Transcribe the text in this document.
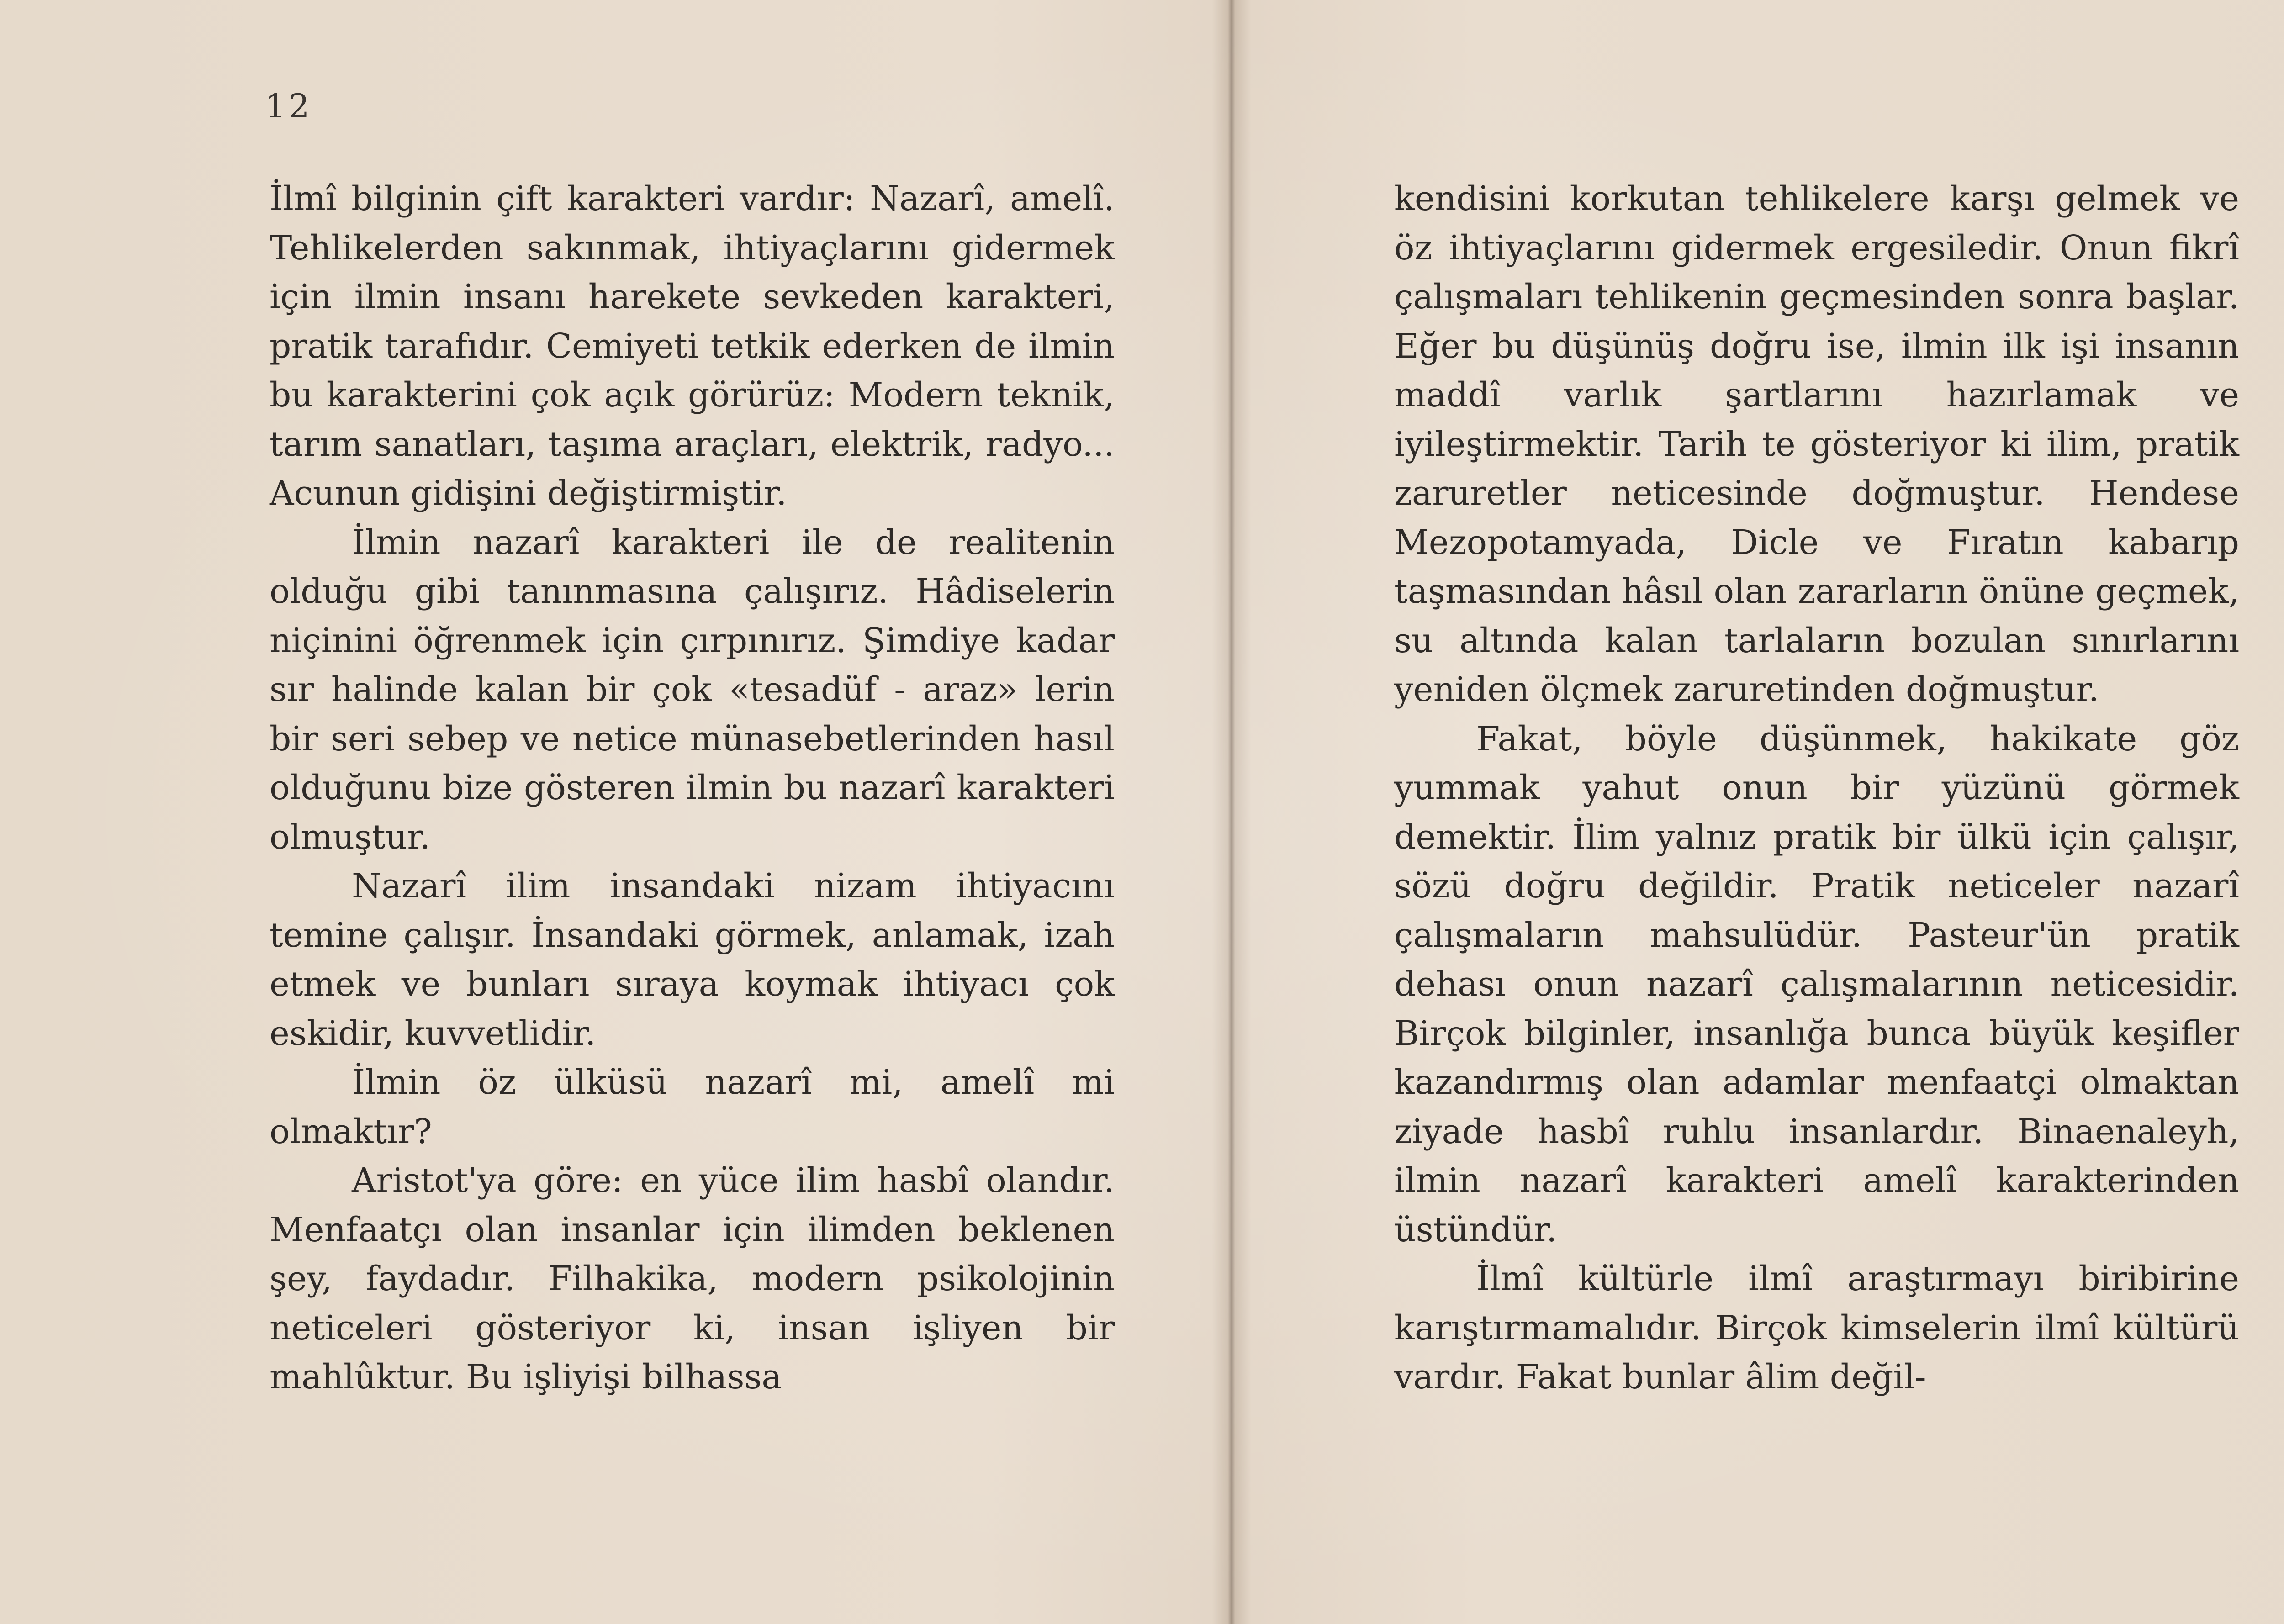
12

İlmî bilginin çift karakteri vardır: Nazarî, amelî. Tehlikelerden sakınmak, ihtiyaçlarını gidermek için ilmin insanı harekete sevkeden karakteri, pratik tarafıdır. Cemiyeti tetkik ederken de ilmin bu karakterini çok açık görürüz: Modern teknik, tarım sanatları, taşıma araçları, elektrik, radyo... Acunun gidişini değiştirmiştir.

İlmin nazarî karakteri ile de realitenin olduğu gibi tanınmasına çalışırız. Hâdiselerin niçinini öğrenmek için çırpınırız. Şimdiye kadar sır halinde kalan bir çok «tesadüf - araz» lerin bir seri sebep ve netice münasebetlerinden hasıl olduğunu bize gösteren ilmin bu nazarî karakteri olmuştur.

Nazarî ilim insandaki nizam ihtiyacını temine çalışır. İnsandaki görmek, anlamak, izah etmek ve bunları sıraya koymak ihtiyacı çok eskidir, kuvvetlidir.

İlmin öz ülküsü nazarî mi, amelî mi olmaktır?

Aristot'ya göre: en yüce ilim hasbî olandır. Menfaatçı olan insanlar için ilimden beklenen şey, faydadır. Filhakika, modern psikolojinin neticeleri gösteriyor ki, insan işliyen bir mahlûktur. Bu işliyişi bilhassa

kendisini korkutan tehlikelere karşı gelmek ve öz ihtiyaçlarını gidermek ergesiledir. Onun fikrî çalışmaları tehlikenin geçmesinden sonra başlar. Eğer bu düşünüş doğru ise, ilmin ilk işi insanın maddî varlık şartlarını hazırlamak ve iyileştirmektir. Tarih te gösteriyor ki ilim, pratik zaruretler neticesinde doğmuştur. Hendese Mezopotamyada, Dicle ve Fıratın kabarıp taşmasından hâsıl olan zararların önüne geçmek, su altında kalan tarlaların bozulan sınırlarını yeniden ölçmek zaruretinden doğmuştur.

Fakat, böyle düşünmek, hakikate göz yummak yahut onun bir yüzünü görmek demektir. İlim yalnız pratik bir ülkü için çalışır, sözü doğru değildir. Pratik neticeler nazarî çalışmaların mahsulüdür. Pasteur'ün pratik dehası onun nazarî çalışmalarının neticesidir. Birçok bilginler, insanlığa bunca büyük keşifler kazandırmış olan adamlar menfaatçi olmaktan ziyade hasbî ruhlu insanlardır. Binaenaleyh, ilmin nazarî karakteri amelî karakterinden üstündür.

İlmî kültürle ilmî araştırmayı biribirine karıştırmamalıdır. Birçok kimselerin ilmî kültürü vardır. Fakat bunlar âlim değil-
